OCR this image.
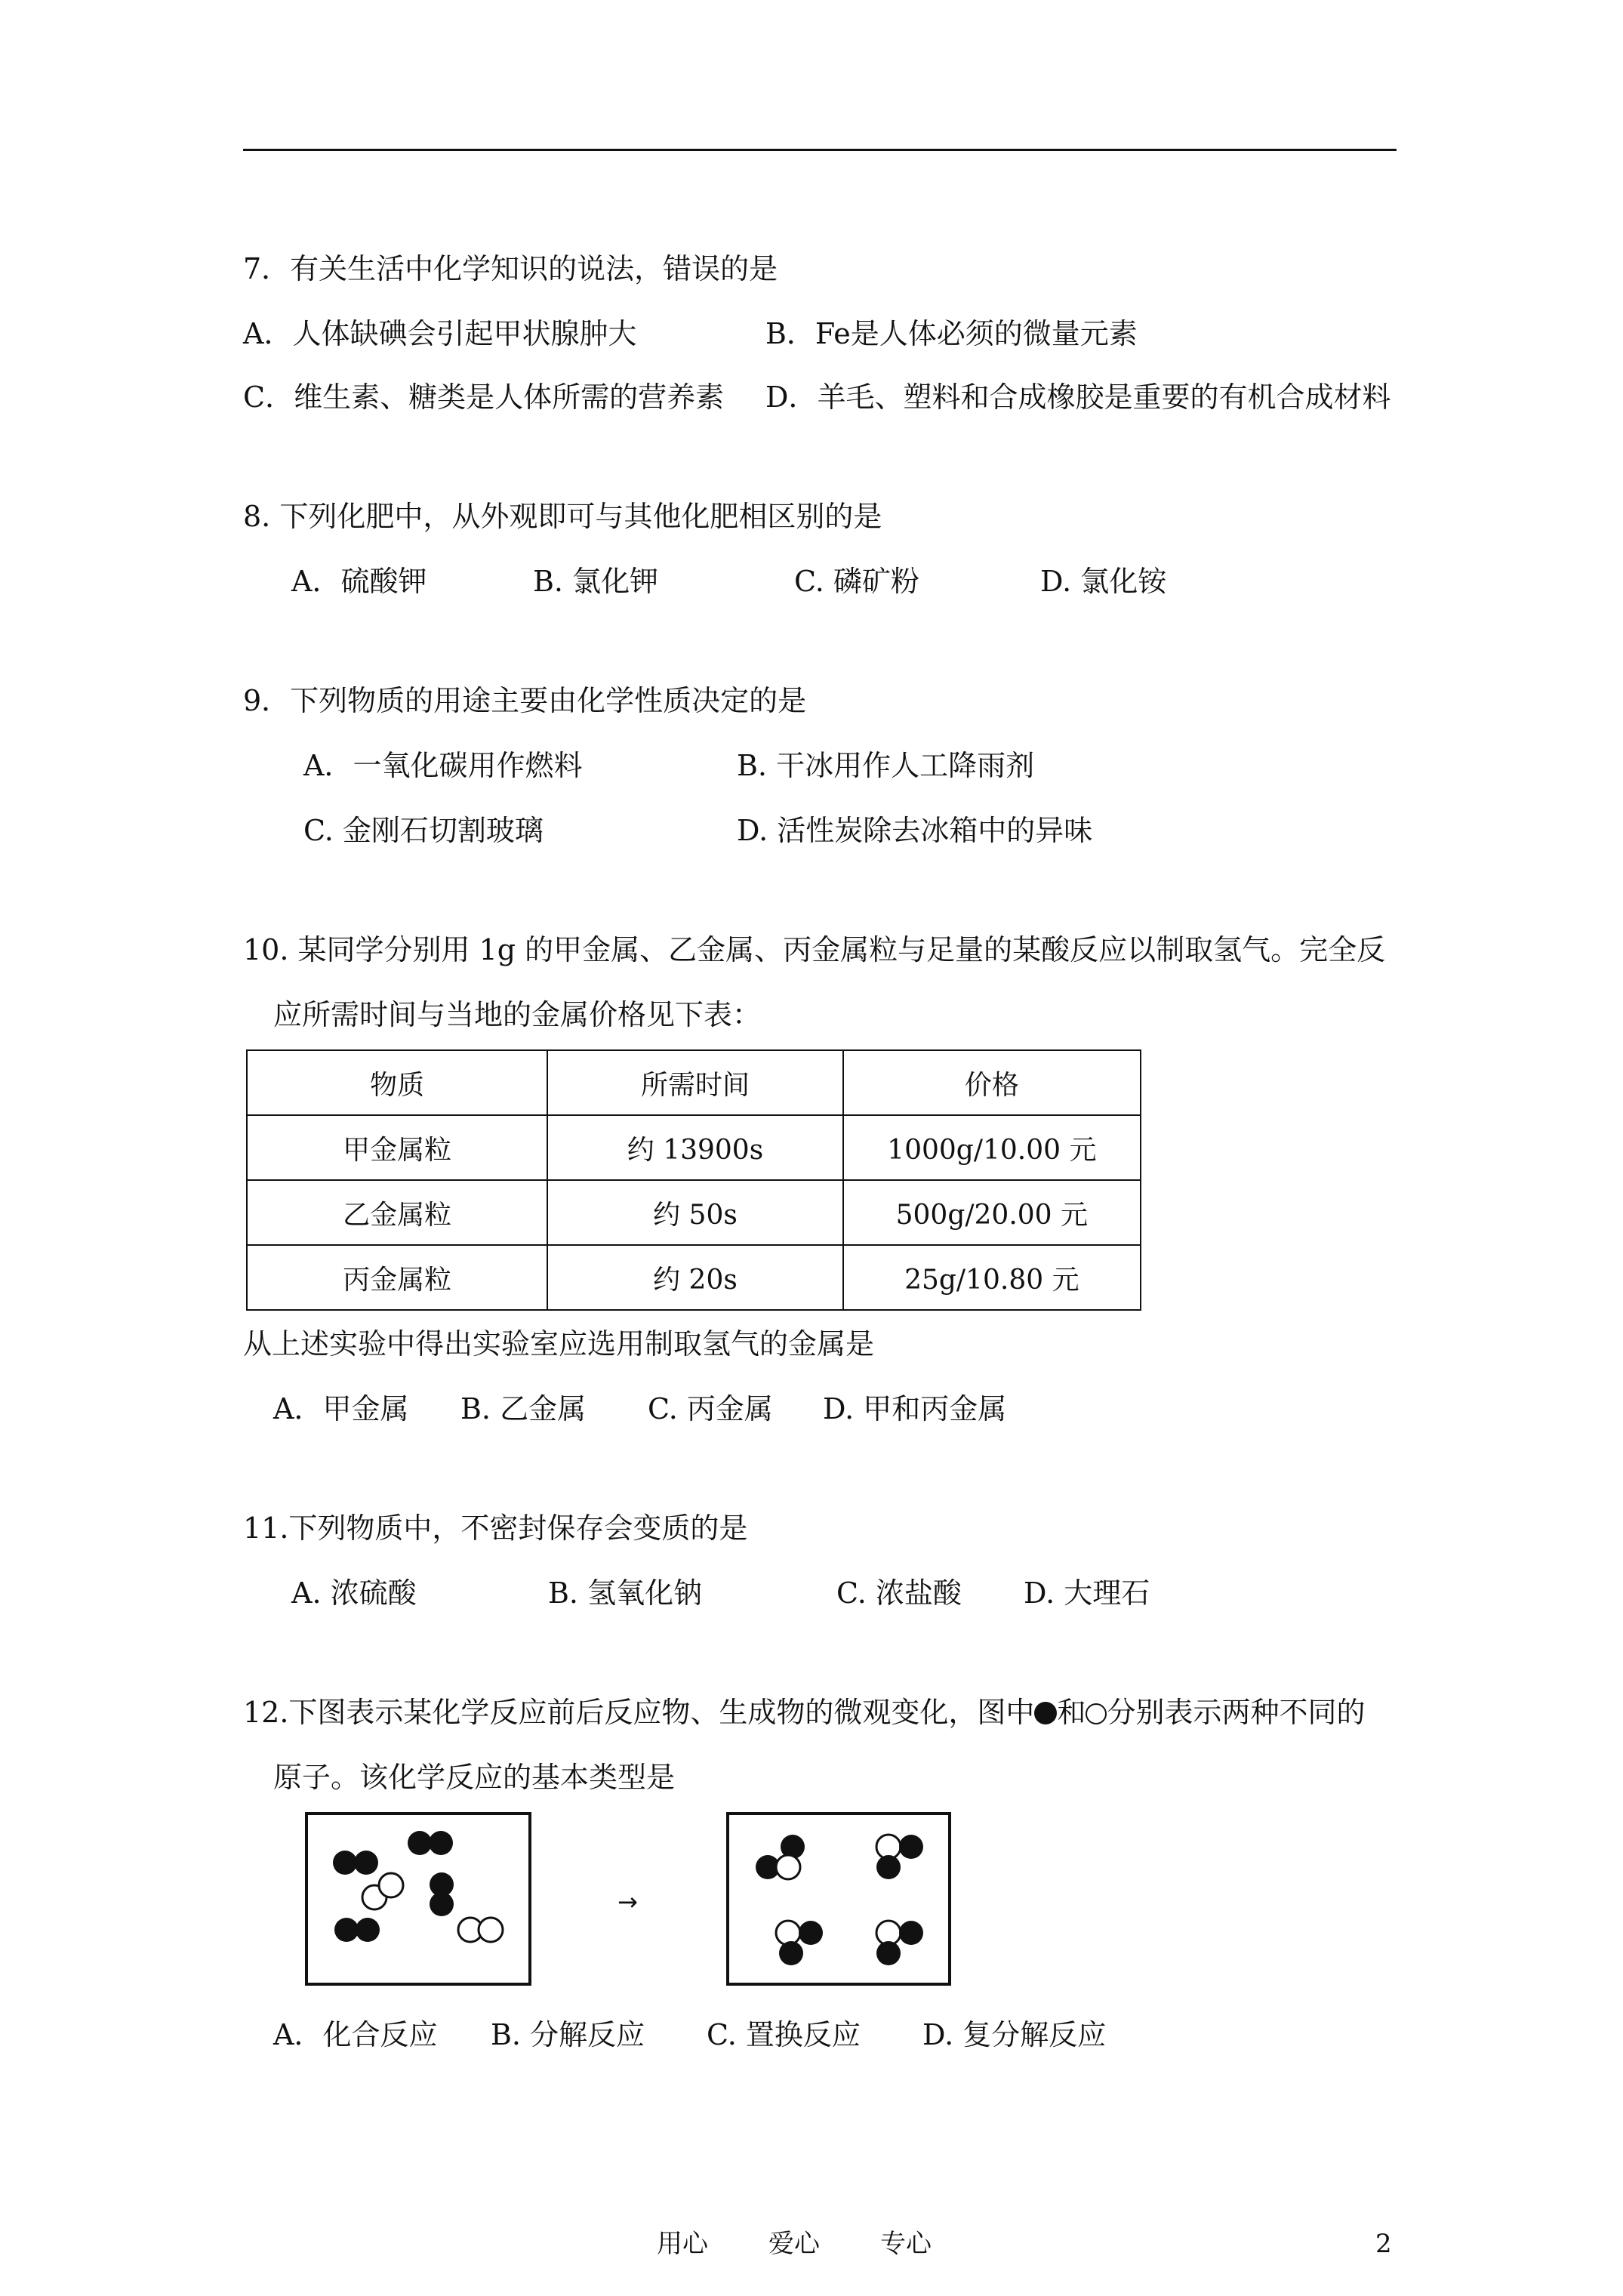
7．有关生活中化学知识的说法，错误的是
A．人体缺碘会引起甲状腺肿大	B．Fe是人体必须的微量元素
C．维生素、糖类是人体所需的营养素 D．羊毛、塑料和合成橡胶是重要的有机合成材料
8. 下列化肥中，从外观即可与其他化肥相区别的是
A．硫酸钾	B. 氯化钾	C. 磷矿粉	D. 氯化铵
9．下列物质的用途主要由化学性质决定的是
A．一氧化碳用作燃料	B. 干冰用作人工降雨剂
C. 金刚石切割玻璃	D. 活性炭除去冰箱中的异味
10. 某同学分别用 1g 的甲金属、乙金属、丙金属粒与足量的某酸反应以制取氢气。完全反
应所需时间与当地的金属价格见下表：
物质	所需时间	价格
甲金属粒	约 13900s	1000g/10.00 元
乙金属粒	约 50s	500g/20.00 元
丙金属粒	约 20s	25g/10.80 元
从上述实验中得出实验室应选用制取氢气的金属是
A．甲金属 B. 乙金属 C. 丙金属 D. 甲和丙金属
11.下列物质中，不密封保存会变质的是
A. 浓硫酸	B. 氢氧化钠	C. 浓盐酸 D. 大理石
12.下图表示某化学反应前后反应物、生成物的微观变化，图中 和 分别表示两种不同的
原子。该化学反应的基本类型是
→
A．化合反应 B. 分解反应 C. 置换反应 D. 复分解反应
用心 爱心 专心	2
